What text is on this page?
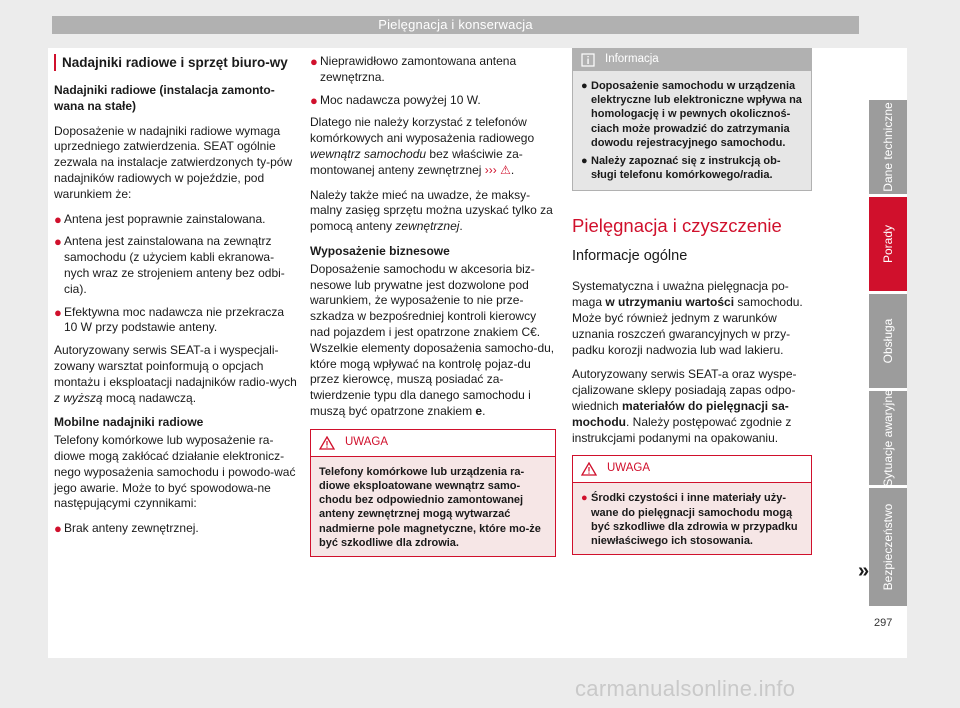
Pielęgnacja i konserwacja
Nadajniki radiowe i sprzęt biuro-wy

Nadajniki radiowe (instalacja zamonto-wana na stałe)

Doposażenie w nadajniki radiowe wymaga uprzedniego zatwierdzenia. SEAT ogólnie zezwala na instalacje zatwierdzonych ty-pów nadajników radiowych w pojeździe, pod warunkiem że:

● Antena jest poprawnie zainstalowana.
● Antena jest zainstalowana na zewnątrz samochodu (z użyciem kabli ekranowa-nych wraz ze strojeniem anteny bez odbi-cia).
● Efektywna moc nadawcza nie przekracza 10 W przy podstawie anteny.

Autoryzowany serwis SEAT-a i wyspecjali-zowany warsztat poinformują o opcjach montażu i eksploatacji nadajników radio-wych z wyższą mocą nadawczą.

Mobilne nadajniki radiowe

Telefony komórkowe lub wyposażenie ra-diowe mogą zakłócać działanie elektronicz-nego wyposażenia samochodu i powodo-wać jego awarie. Może to być spowodowa-ne następującymi czynnikami:

● Brak anteny zewnętrznej.
● Nieprawidłowo zamontowana antena zewnętrzna.
● Moc nadawcza powyżej 10 W.

Dlatego nie należy korzystać z telefonów komórkowych ani wyposażenia radiowego wewnątrz samochodu bez właściwie za-montowanej anteny zewnętrznej ››› ⚠.

Należy także mieć na uwadze, że maksy-malny zasięg sprzętu można uzyskać tylko za pomocą anteny zewnętrznej.

Wyposażenie biznesowe

Doposażenie samochodu w akcesoria biz-nesowe lub prywatne jest dozwolone pod warunkiem, że wyposażenie to nie prze-szkadza w bezpośredniej kontroli kierowcy nad pojazdem i jest opatrzone znakiem C€. Wszelkie elementy doposażenia samocho-du, które mogą wpływać na kontrolę pojaz-du przez kierowcę, muszą posiadać za-twierdzenie typu dla danego samochodu i muszą być opatrzone znakiem e.

UWAGA
Telefony komórkowe lub urządzenia ra-diowe eksploatowane wewnątrz samo-chodu bez odpowiednio zamontowanej anteny zewnętrznej mogą wytwarzać nadmierne pole magnetyczne, które mo-że być szkodliwe dla zdrowia.
Informacja
● Doposażenie samochodu w urządzenia elektryczne lub elektroniczne wpływa na homologację i w pewnych okolicznoś-ciach może prowadzić do zatrzymania dowodu rejestracyjnego samochodu.
● Należy zapoznać się z instrukcją ob-sługi telefonu komórkowego/radia.
Pielęgnacja i czyszczenie
Informacje ogólne

Systematyczna i uważna pielęgnacja po-maga w utrzymaniu wartości samochodu. Może być również jednym z warunków uznania roszczeń gwarancyjnych w przy-padku korozji nadwozia lub wad lakieru.

Autoryzowany serwis SEAT-a oraz wyspe-cjalizowane sklepy posiadają zapas odpo-wiednich materiałów do pielęgnacji sa-mochodu. Należy postępować zgodnie z instrukcjami podanymi na opakowaniu.

UWAGA
● Środki czystości i inne materiały uży-wane do pielęgnacji samochodu mogą być szkodliwe dla zdrowia w przypadku niewłaściwego ich stosowania.
»
Dane techniczne
Porady
Obsługa
Sytuacje awaryjne
Bezpieczeństwo
297
carmanualsonline.info
